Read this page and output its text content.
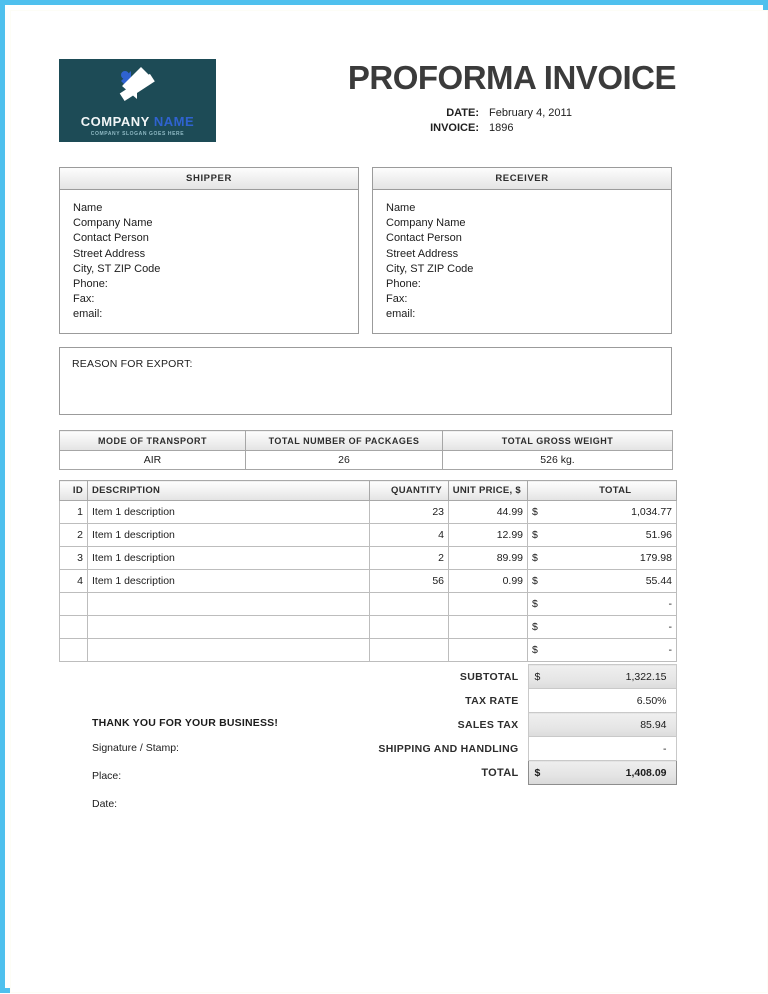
COMPANY NAME
COMPANY SLOGAN GOES HERE
PROFORMA INVOICE
DATE: February 4, 2011
INVOICE: 1896
SHIPPER
Name
Company Name
Contact Person
Street Address
City, ST ZIP Code
Phone:
Fax:
email:
RECEIVER
Name
Company Name
Contact Person
Street Address
City, ST ZIP Code
Phone:
Fax:
email:
REASON FOR EXPORT:
MODE OF TRANSPORT	TOTAL NUMBER OF PACKAGES	TOTAL GROSS WEIGHT
AIR	26	526 kg.
ID	DESCRIPTION	QUANTITY	UNIT PRICE, $		TOTAL
1	Item 1 description	23	44.99	$	1,034.77
2	Item 1 description	4	12.99	$	51.96
3	Item 1 description	2	89.99	$	179.98
4	Item 1 description	56	0.99	$	55.44
				$	-
				$	-
				$	-
SUBTOTAL	$	1,322.15
TAX RATE		6.50%
SALES TAX		85.94
SHIPPING AND HANDLING		-
TOTAL	$	1,408.09
THANK YOU FOR YOUR BUSINESS!
Signature / Stamp:
Place:
Date:
